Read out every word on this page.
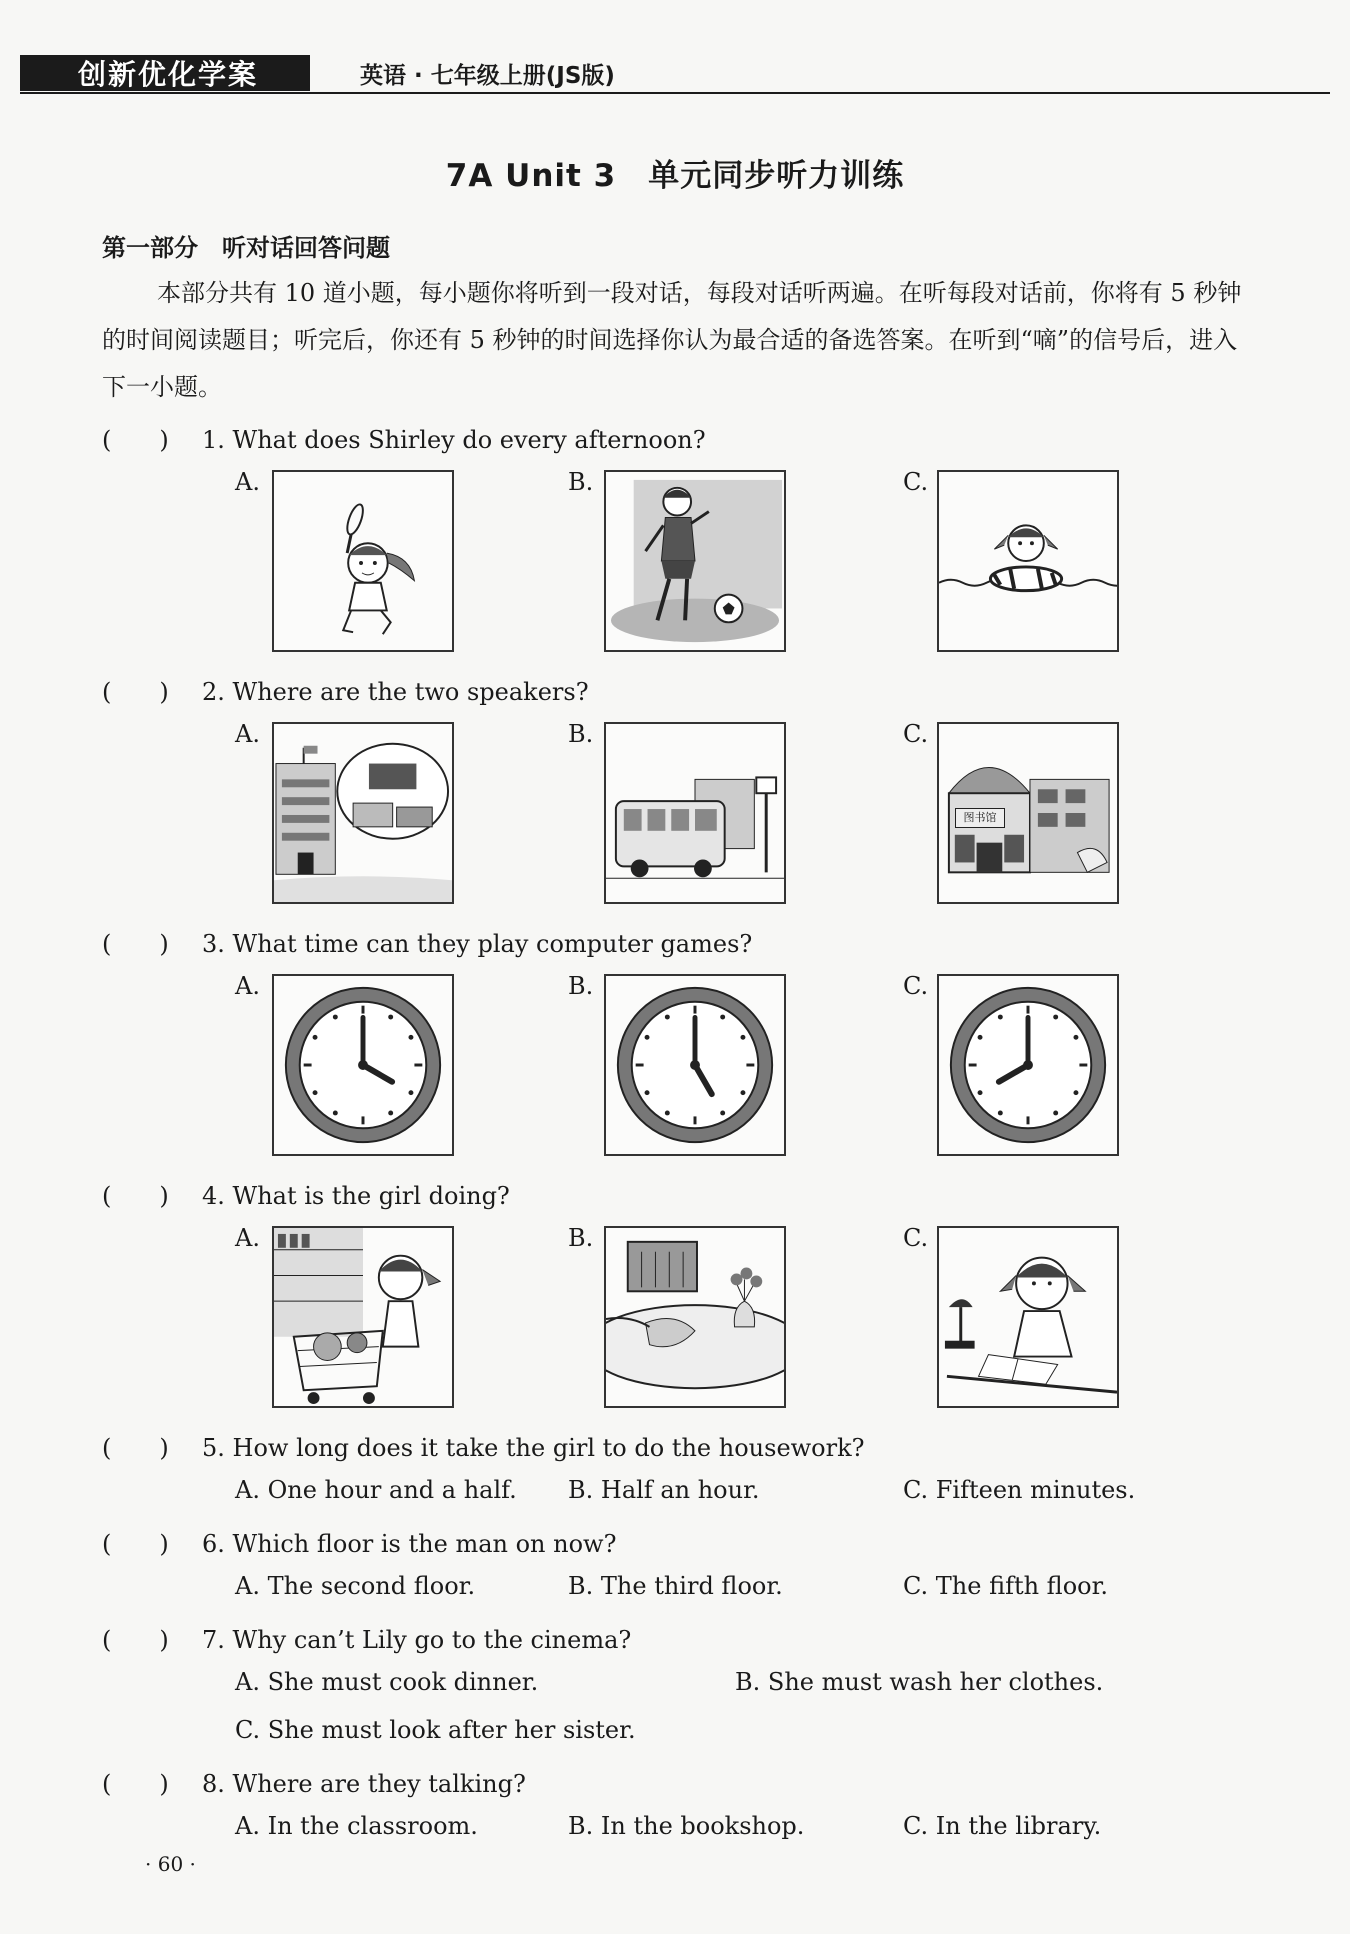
创新优化学案	英语 · 七年级上册(JS版)
7A Unit 3　单元同步听力训练
第一部分　听对话回答问题
本部分共有 10 道小题，每小题你将听到一段对话，每段对话听两遍。在听每段对话前，你将有 5 秒钟的时间阅读题目；听完后，你还有 5 秒钟的时间选择你认为最合适的备选答案。在听到“嘀”的信号后，进入下一小题。
(　　) 1. What does Shirley do every afternoon?
A.	B.	C.
(　　) 2. Where are the two speakers?
A.	B.	C.
图书馆
(　　) 3. What time can they play computer games?
A.	B.	C.
(　　) 4. What is the girl doing?
A.	B.	C.
(　　) 5. How long does it take the girl to do the housework?
A. One hour and a half. B. Half an hour.	C. Fifteen minutes.
(　　) 6. Which floor is the man on now?
A. The second floor.	B. The third floor.	C. The fifth floor.
(　　) 7. Why can’t Lily go to the cinema?
A. She must cook dinner.	B. She must wash her clothes.
C. She must look after her sister.
(　　) 8. Where are they talking?
A. In the classroom.	B. In the bookshop.	C. In the library.
· 60 ·
